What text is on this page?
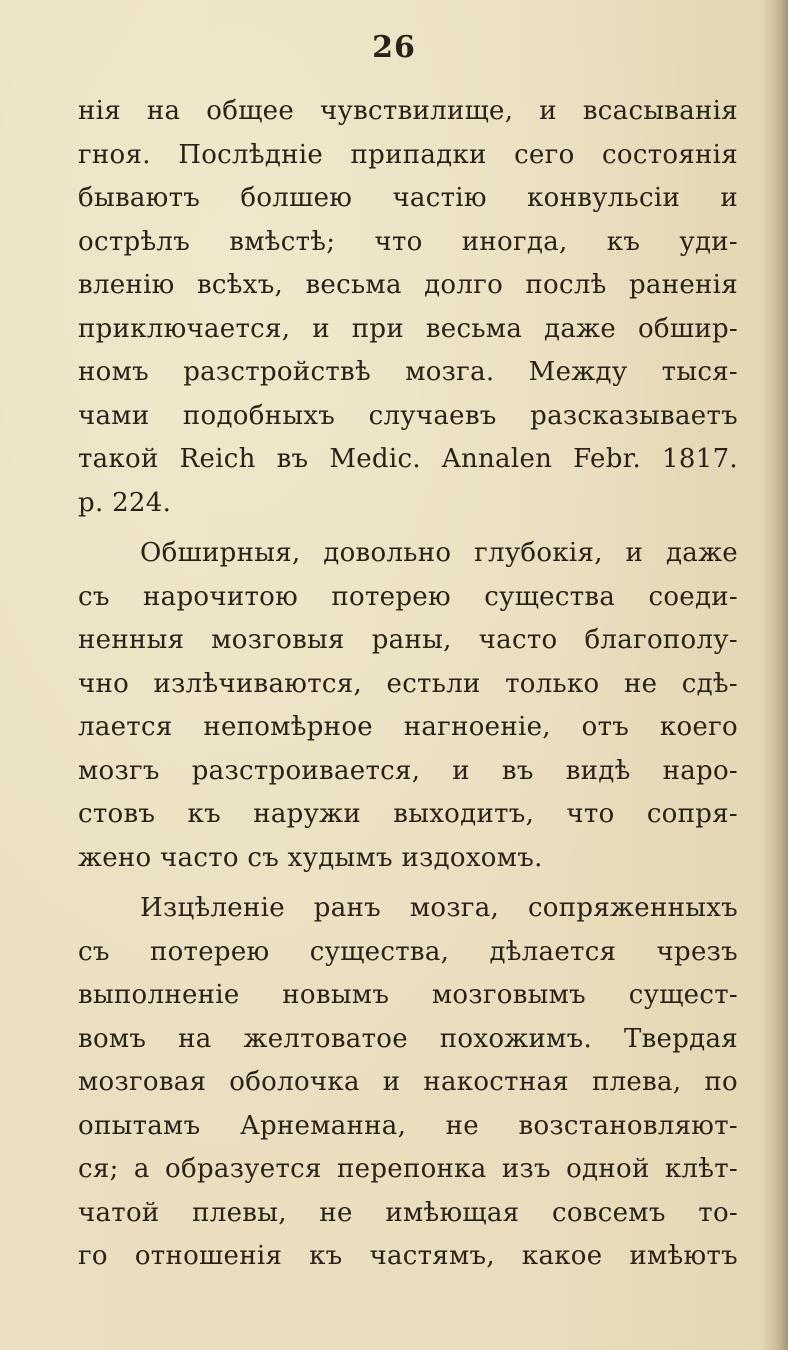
26
нія на общее чувствилище, и всасыванія
гноя. Послѣдніе припадки сего состоянія
бываютъ болшею частію конвульсіи и
острѣлъ вмѣстѣ; что иногда, къ уди-
вленію всѣхъ, весьма долго послѣ раненія
приключается, и при весьма даже обшир-
номъ разстройствѣ мозга. Между тыся-
чами подобныхъ случаевъ разсказываетъ
такой Reich въ Medic. Annalen Febr. 1817.
p. 224.
Обширныя, довольно глубокія, и даже
съ нарочитою потерею существа соеди-
ненныя мозговыя раны, часто благополу-
чно излѣчиваются, естьли только не сдѣ-
лается непомѣрное нагноеніе, отъ коего
мозгъ разстроивается, и въ видѣ наро-
стовъ къ наружи выходитъ, что сопря-
жено часто съ худымъ издохомъ.
Изцѣленіе ранъ мозга, сопряженныхъ
съ потерею существа, дѣлается чрезъ
выполненіе новымъ мозговымъ сущест-
вомъ на желтоватое похожимъ. Твердая
мозговая оболочка и накостная плева, по
опытамъ Арнеманна, не возстановляют-
ся; а образуется перепонка изъ одной клѣт-
чатой плевы, не имѣющая совсемъ то-
го отношенія къ частямъ, какое имѣютъ
